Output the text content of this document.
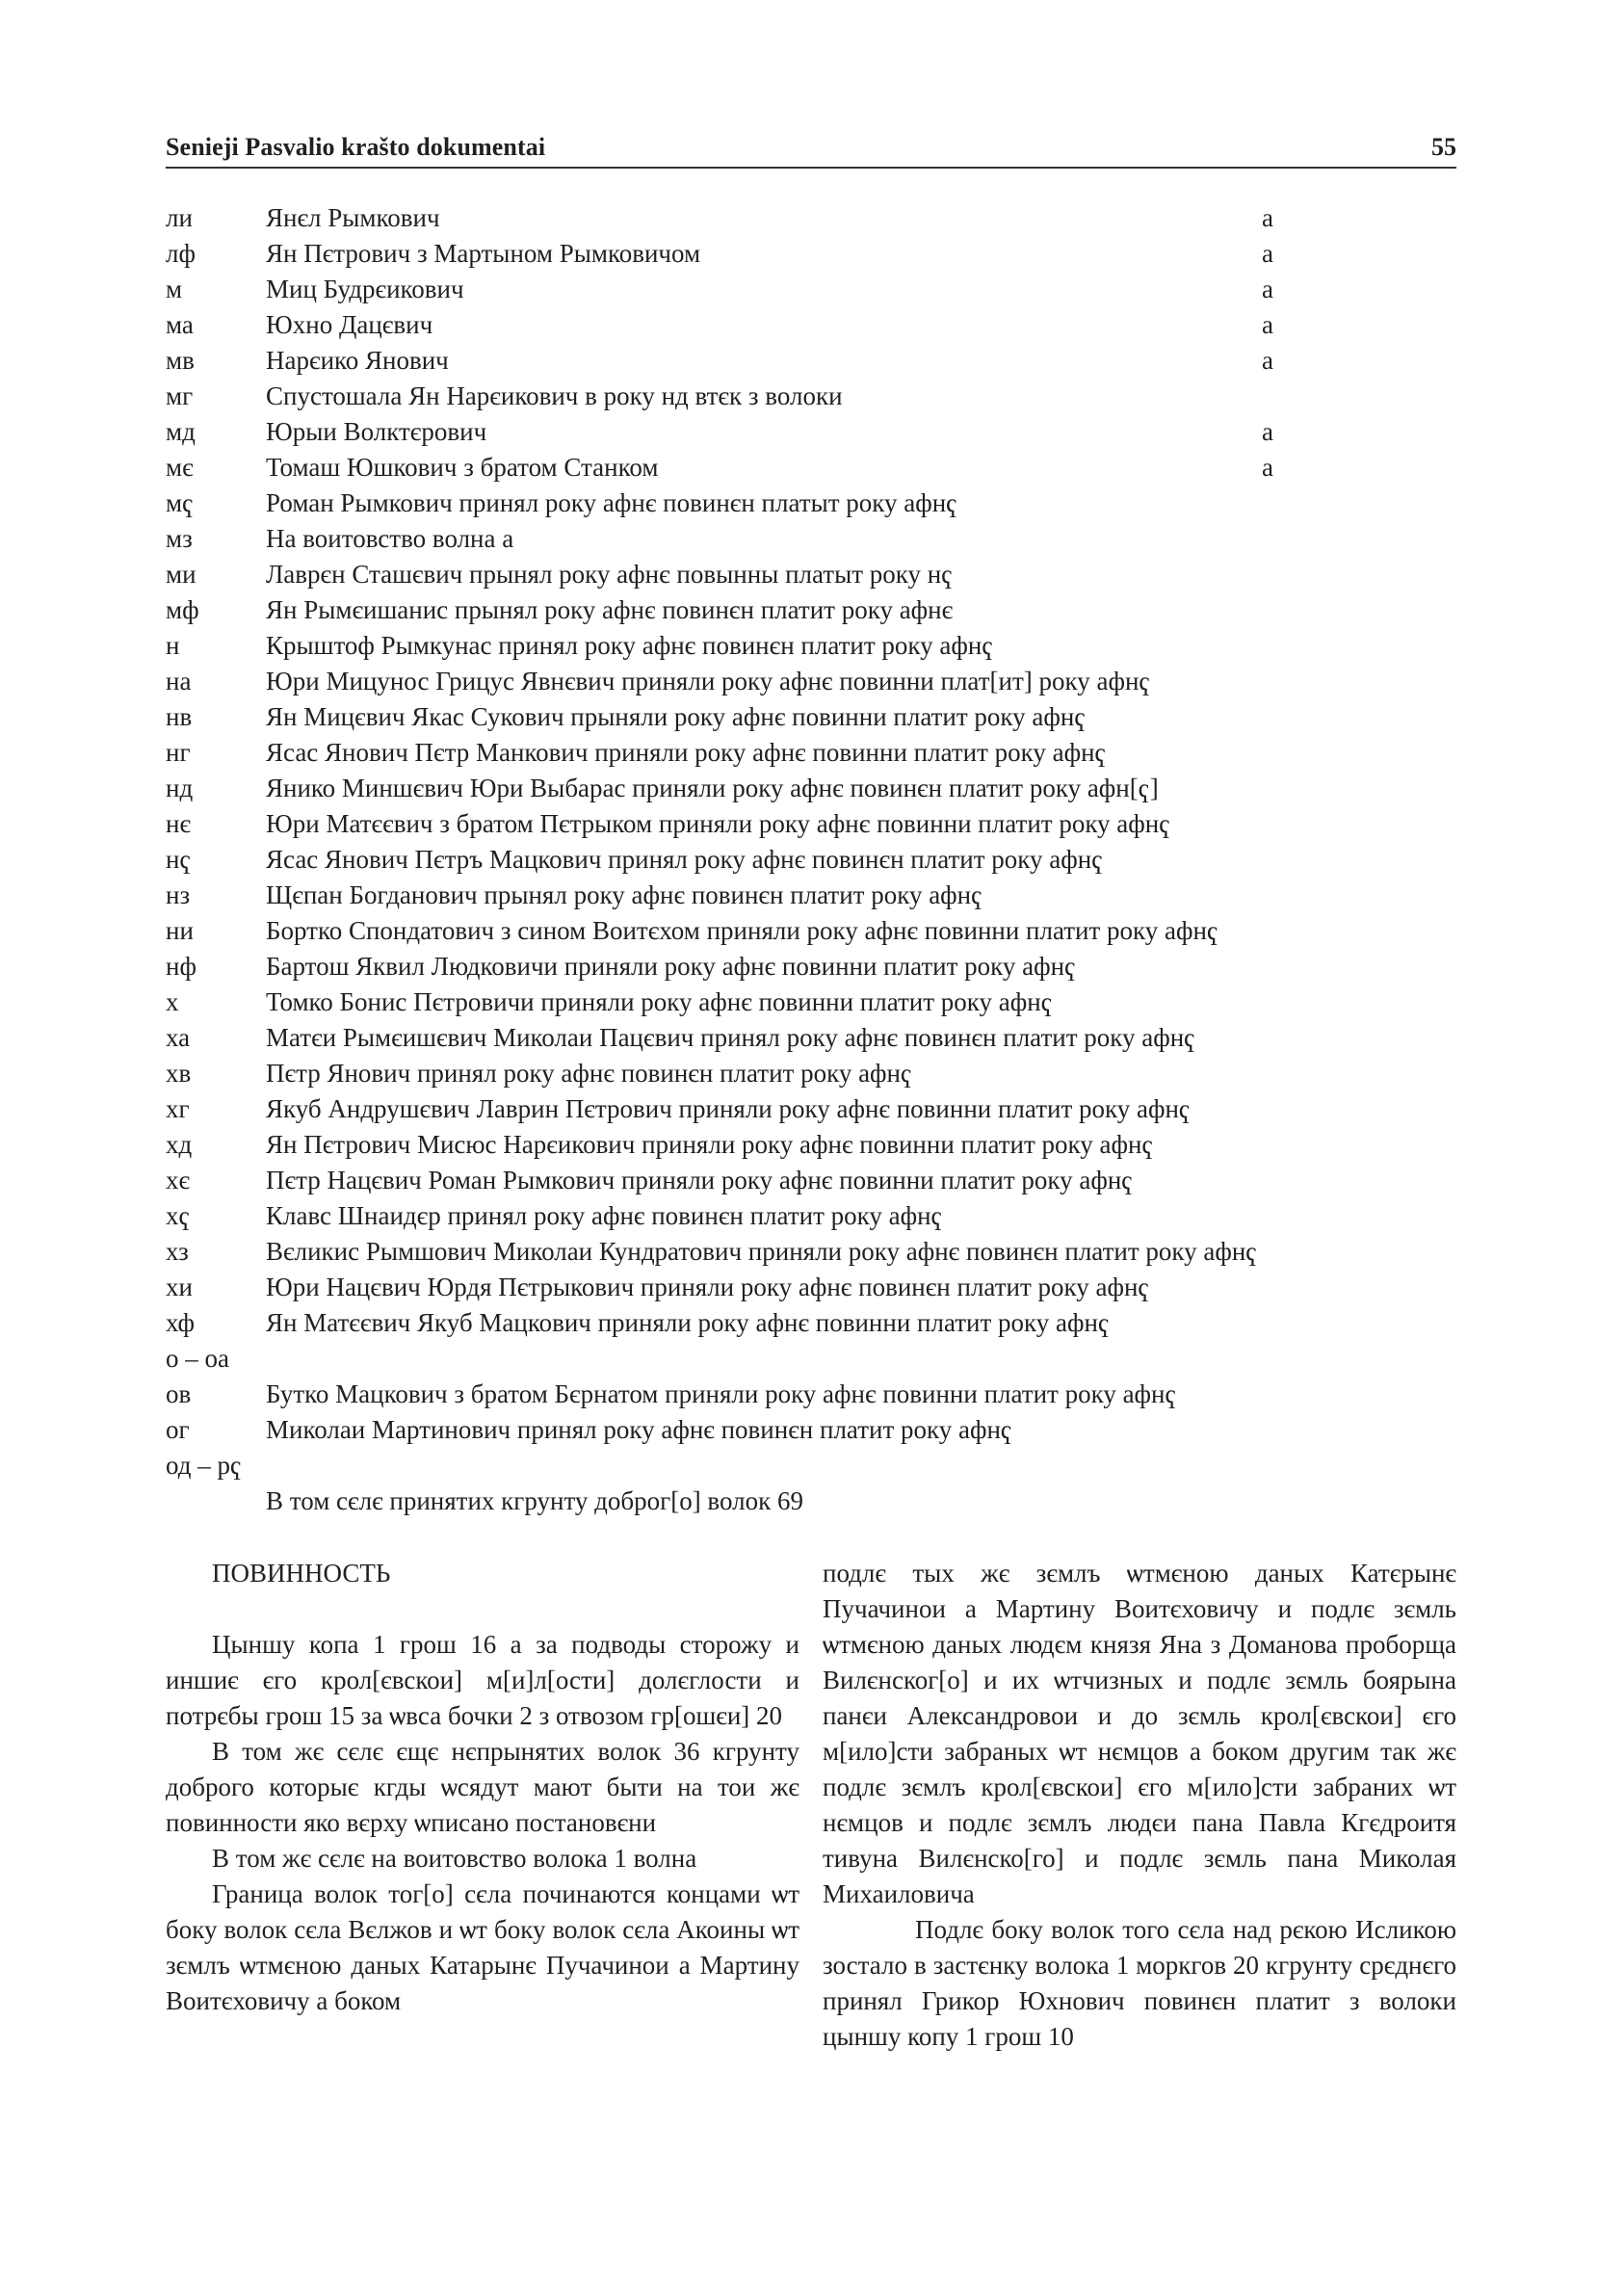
Senieji Pasvalio krašto dokumentai	55
ли	Янєл Рымкович	а
лф	Ян Пєтрович з Мартыном Рымковичом	а
м	Миц Будрєикович	а
ма	Юхно Дацєвич	а
мв	Нарєико Янович	а
мг	Спустошала Ян Нарєикович в року нд втєк з волоки
мд	Юрыи Волктєрович	а
мє	Томаш Юшкович з братом Станком	а
мҁ	Роман Рымкович принял року афнє повинєн платыт року афнҁ
мз	На воитовство волна а
ми	Лаврєн Сташєвич прынял року афнє повынны платыт року нҁ
мф	Ян Рымєишанис прынял року афнє повинєн платит року афнє
н	Крыштоф Рымкунас принял року афнє повинєн платит року афнҁ
на	Юри Мицунос Грицус Явнєвич приняли року афнє повинни плат[ит] року афнҁ
нв	Ян Мицєвич Якас Сукович прыняли року афнє повинни платит року афнҁ
нг	Ясас Янович Пєтр Манкович приняли року афнє повинни платит року афнҁ
нд	Янико Миншєвич Юри Выбарас приняли року афнє повинєн платит року афн[ҁ]
нє	Юри Матєєвич з братом Пєтрыком приняли року афнє повинни платит року афнҁ
нҁ	Ясас Янович Пєтръ Мацкович принял року афнє повинєн платит року афнҁ
нз	Щєпан Богданович прынял року афнє повинєн платит року афнҁ
ни	Бортко Спондатович з сином Воитєхом приняли року афнє повинни платит року афнҁ
нф	Бартош Яквил Людковичи приняли року афнє повинни платит року афнҁ
х	Томко Бонис Пєтровичи приняли року афнє повинни платит року афнҁ
ха	Матєи Рымєишєвич Миколаи Пацєвич принял року афнє повинєн платит року афнҁ
хв	Пєтр Янович принял року афнє повинєн платит року афнҁ
хг	Якуб Андрушєвич Лаврин Пєтрович приняли року афнє повинни платит року афнҁ
хд	Ян Пєтрович Мисюс Нарєикович приняли року афнє повинни платит року афнҁ
хє	Пєтр Нацєвич Роман Рымкович приняли року афнє повинни платит року афнҁ
хҁ	Клавс Шнаидєр принял року афнє повинєн платит року афнҁ
хз	Вєликис Рымшович Миколаи Кундратович приняли року афнє повинєн платит року афнҁ
хи	Юри Нацєвич Юрдя Пєтрыкович приняли року афнє повинєн платит року афнҁ
хф	Ян Матєєвич Якуб Мацкович приняли року афнє повинни платит року афнҁ
о – оа
ов	Бутко Мацкович з братом Бєрнатом приняли року афнє повинни платит року афнҁ
ог	Миколаи Мартинович принял року афнє повинєн платит року афнҁ
од – рҁ
В том сєлє принятих кгрунту доброг[о] волок 69
ПОВИННОСТЬ

Цыншу копа 1 грош 16 а за подводы сторожу и иншиє єго крол[євскои] м[и]л[ости] долєглости и потрєбы грош 15 за ѡвса бочки 2 з отвозом гр[ошєи] 20

В том жє сєлє єщє нєпрынятих волок 36 кгрунту доброго которыє кгды ѡсядут мают быти на тои жє повинности яко вєрху ѡписано постановєни

В том жє сєлє на воитовство волока 1 волна

Граница волок тог[о] сєла починаются концами ѡт боку волок сєла Вєлжов и ѡт боку волок сєла Акоины ѡт зємлъ ѡтмєною даных Катарынє Пучачинои а Мартину Воитєховичу а боком

подлє тых жє зємлъ ѡтмєною даных Катєрынє Пучачинои а Мартину Воитєховичу и подлє зємль ѡтмєною даных людєм князя Яна з Доманова проборща Вилєнског[о] и их ѡтчизных и подлє зємль боярына панєи Александровои и до зємль крол[євскои] єго м[ило]сти забраных ѡт нємцов а боком другим так жє подлє зємлъ крол[євскои] єго м[ило]сти забраних ѡт нємцов и подлє зємлъ людєи пана Павла Кгєдроитя тивуна Вилєнско[го] и подлє зємль пана Миколая Михаиловича

Подлє боку волок того сєла над рєкою Исликою зостало в застєнку волока 1 моркгов 20 кгрунту срєднєго принял Грикор Юхнович повинєн платит з волоки цыншу копу 1 грош 10
